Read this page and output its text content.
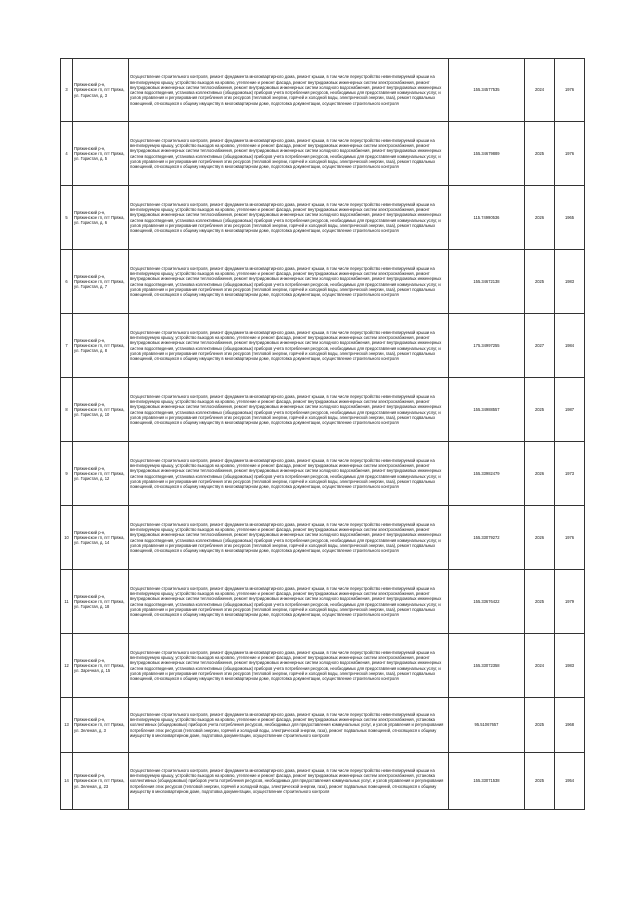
3	Пряжинский р-н, Пряжинское гп, пгт Пряжа, ул. Гористая, д. 3	Осуществление строительного контроля, ремонт фундамента многоквартирного дома, ремонт крыши, в том числе переустройство невентилируемой крыши на вентилируемую крышу, устройство выходов на кровлю, утепление и ремонт фасада, ремонт внутридомовых инженерных систем электроснабжения, ремонт внутридомовых инженерных систем теплоснабжения, ремонт внутридомовых инженерных систем холодного водоснабжения, ремонт внутридомовых инженерных систем водоотведения, установка коллективных (общедомовых) приборов учета потребления ресурсов, необходимых для предоставления коммунальных услуг, и узлов управления и регулирования потребления этих ресурсов (тепловой энергии, горячей и холодной воды, электрической энергии, газа), ремонт подвальных помещений, относящихся к общему имуществу в многоквартирном доме, подготовка документации, осуществление строительного контроля	155.34577535	2024	1976
4	Пряжинский р-н, Пряжинское гп, пгт Пряжа, ул. Гористая, д. 5	Осуществление строительного контроля, ремонт фундамента многоквартирного дома, ремонт крыши, в том числе переустройство невентилируемой крыши на вентилируемую крышу, устройство выходов на кровлю, утепление и ремонт фасада, ремонт внутридомовых инженерных систем электроснабжения, ремонт внутридомовых инженерных систем теплоснабжения, ремонт внутридомовых инженерных систем холодного водоснабжения, ремонт внутридомовых инженерных систем водоотведения, установка коллективных (общедомовых) приборов учета потребления ресурсов, необходимых для предоставления коммунальных услуг, и узлов управления и регулирования потребления этих ресурсов (тепловой энергии, горячей и холодной воды, электрической энергии, газа), ремонт подвальных помещений, относящихся к общему имуществу в многоквартирном доме, подготовка документации, осуществление строительного контроля	155.34679889	2025	1976
5	Пряжинский р-н, Пряжинское гп, пгт Пряжа, ул. Гористая, д. 6	Осуществление строительного контроля, ремонт фундамента многоквартирного дома, ремонт крыши, в том числе переустройство невентилируемой крыши на вентилируемую крышу, устройство выходов на кровлю, утепление и ремонт фасада, ремонт внутридомовых инженерных систем электроснабжения, ремонт внутридомовых инженерных систем теплоснабжения, ремонт внутридомовых инженерных систем холодного водоснабжения, ремонт внутридомовых инженерных систем водоотведения, установка коллективных (общедомовых) приборов учета потребления ресурсов, необходимых для предоставления коммунальных услуг, и узлов управления и регулирования потребления этих ресурсов (тепловой энергии, горячей и холодной воды, электрической энергии, газа), ремонт подвальных помещений, относящихся к общему имуществу в многоквартирном доме, подготовка документации, осуществление строительного контроля	115.74990536	2026	1965
6	Пряжинский р-н, Пряжинское гп, пгт Пряжа, ул. Гористая, д. 7	Осуществление строительного контроля, ремонт фундамента многоквартирного дома, ремонт крыши, в том числе переустройство невентилируемой крыши на вентилируемую крышу, устройство выходов на кровлю, утепление и ремонт фасада, ремонт внутридомовых инженерных систем электроснабжения, ремонт внутридомовых инженерных систем теплоснабжения, ремонт внутридомовых инженерных систем холодного водоснабжения, ремонт внутридомовых инженерных систем водоотведения, установка коллективных (общедомовых) приборов учета потребления ресурсов, необходимых для предоставления коммунальных услуг, и узлов управления и регулирования потребления этих ресурсов (тепловой энергии, горячей и холодной воды, электрической энергии, газа), ремонт подвальных помещений, относящихся к общему имуществу в многоквартирном доме, подготовка документации, осуществление строительного контроля	155.34672138	2025	1983
7	Пряжинский р-н, Пряжинское гп, пгт Пряжа, ул. Гористая, д. 8	Осуществление строительного контроля, ремонт фундамента многоквартирного дома, ремонт крыши, в том числе переустройство невентилируемой крыши на вентилируемую крышу, устройство выходов на кровлю, утепление и ремонт фасада, ремонт внутридомовых инженерных систем электроснабжения, ремонт внутридомовых инженерных систем теплоснабжения, ремонт внутридомовых инженерных систем холодного водоснабжения, ремонт внутридомовых инженерных систем водоотведения, установка коллективных (общедомовых) приборов учета потребления ресурсов, необходимых для предоставления коммунальных услуг, и узлов управления и регулирования потребления этих ресурсов (тепловой энергии, горячей и холодной воды, электрической энергии, газа), ремонт подвальных помещений, относящихся к общему имуществу в многоквартирном доме, подготовка документации, осуществление строительного контроля	175.34997255	2027	1984
8	Пряжинский р-н, Пряжинское гп, пгт Пряжа, ул. Гористая, д. 10	Осуществление строительного контроля, ремонт фундамента многоквартирного дома, ремонт крыши, в том числе переустройство невентилируемой крыши на вентилируемую крышу, устройство выходов на кровлю, утепление и ремонт фасада, ремонт внутридомовых инженерных систем электроснабжения, ремонт внутридомовых инженерных систем теплоснабжения, ремонт внутридомовых инженерных систем холодного водоснабжения, ремонт внутридомовых инженерных систем водоотведения, установка коллективных (общедомовых) приборов учета потребления ресурсов, необходимых для предоставления коммунальных услуг, и узлов управления и регулирования потребления этих ресурсов (тепловой энергии, горячей и холодной воды, электрической энергии, газа), ремонт подвальных помещений, относящихся к общему имуществу в многоквартирном доме, подготовка документации, осуществление строительного контроля	155.34988557	2025	1987
9	Пряжинский р-н, Пряжинское гп, пгт Пряжа, ул. Гористая, д. 12	Осуществление строительного контроля, ремонт фундамента многоквартирного дома, ремонт крыши, в том числе переустройство невентилируемой крыши на вентилируемую крышу, устройство выходов на кровлю, утепление и ремонт фасада, ремонт внутридомовых инженерных систем электроснабжения, ремонт внутридомовых инженерных систем теплоснабжения, ремонт внутридомовых инженерных систем холодного водоснабжения, ремонт внутридомовых инженерных систем водоотведения, установка коллективных (общедомовых) приборов учета потребления ресурсов, необходимых для предоставления коммунальных услуг, и узлов управления и регулирования потребления этих ресурсов (тепловой энергии, горячей и холодной воды, электрической энергии, газа), ремонт подвальных помещений, относящихся к общему имуществу в многоквартирном доме, подготовка документации, осуществление строительного контроля	155.33982479	2026	1973
10	Пряжинский р-н, Пряжинское гп, пгт Пряжа, ул. Гористая, д. 14	Осуществление строительного контроля, ремонт фундамента многоквартирного дома, ремонт крыши, в том числе переустройство невентилируемой крыши на вентилируемую крышу, устройство выходов на кровлю, утепление и ремонт фасада, ремонт внутридомовых инженерных систем электроснабжения, ремонт внутридомовых инженерных систем теплоснабжения, ремонт внутридомовых инженерных систем холодного водоснабжения, ремонт внутридомовых инженерных систем водоотведения, установка коллективных (общедомовых) приборов учета потребления ресурсов, необходимых для предоставления коммунальных услуг, и узлов управления и регулирования потребления этих ресурсов (тепловой энергии, горячей и холодной воды, электрической энергии, газа), ремонт подвальных помещений, относящихся к общему имуществу в многоквартирном доме, подготовка документации, осуществление строительного контроля	155.33079272	2026	1976
11	Пряжинский р-н, Пряжинское гп, пгт Пряжа, ул. Гористая, д. 18	Осуществление строительного контроля, ремонт фундамента многоквартирного дома, ремонт крыши, в том числе переустройство невентилируемой крыши на вентилируемую крышу, устройство выходов на кровлю, утепление и ремонт фасада, ремонт внутридомовых инженерных систем электроснабжения, ремонт внутридомовых инженерных систем теплоснабжения, ремонт внутридомовых инженерных систем холодного водоснабжения, ремонт внутридомовых инженерных систем водоотведения, установка коллективных (общедомовых) приборов учета потребления ресурсов, необходимых для предоставления коммунальных услуг, и узлов управления и регулирования потребления этих ресурсов (тепловой энергии, горячей и холодной воды, электрической энергии, газа), ремонт подвальных помещений, относящихся к общему имуществу в многоквартирном доме, подготовка документации, осуществление строительного контроля	155.33676422	2025	1979
12	Пряжинский р-н, Пряжинское гп, пгт Пряжа, ул. Заречная, д. 15	Осуществление строительного контроля, ремонт фундамента многоквартирного дома, ремонт крыши, в том числе переустройство невентилируемой крыши на вентилируемую крышу, устройство выходов на кровлю, утепление и ремонт фасада, ремонт внутридомовых инженерных систем электроснабжения, ремонт внутридомовых инженерных систем теплоснабжения, ремонт внутридомовых инженерных систем холодного водоснабжения, ремонт внутридомовых инженерных систем водоотведения, установка коллективных (общедомовых) приборов учета потребления ресурсов, необходимых для предоставления коммунальных услуг, и узлов управления и регулирования потребления этих ресурсов (тепловой энергии, горячей и холодной воды, электрической энергии, газа), ремонт подвальных помещений, относящихся к общему имуществу в многоквартирном доме, подготовка документации, осуществление строительного контроля	155.33072358	2024	1983
13	Пряжинский р-н, Пряжинское гп, пгт Пряжа, ул. Зеленая, д. 3	Осуществление строительного контроля, ремонт фундамента многоквартирного дома, ремонт крыши, в том числе переустройство невентилируемой крыши на вентилируемую крышу, устройство выходов на кровлю, утепление и ремонт фасада, ремонт внутридомовых инженерных систем электроснабжения, установка коллективных (общедомовых) приборов учета потребления ресурсов, необходимых для предоставления коммунальных услуг, и узлов управления и регулирования потребления этих ресурсов (тепловой энергии, горячей и холодной воды, электрической энергии, газа), ремонт подвальных помещений, относящихся к общему имуществу в многоквартирном доме, подготовка документации, осуществление строительного контроля	95.51067657	2025	1968
14	Пряжинский р-н, Пряжинское гп, пгт Пряжа, ул. Зеленая, д. 23	Осуществление строительного контроля, ремонт фундамента многоквартирного дома, ремонт крыши, в том числе переустройство невентилируемой крыши на вентилируемую крышу, устройство выходов на кровлю, утепление и ремонт фасада, ремонт внутридомовых инженерных систем электроснабжения, установка коллективных (общедомовых) приборов учета потребления ресурсов, необходимых для предоставления коммунальных услуг, и узлов управления и регулирования потребления этих ресурсов (тепловой энергии, горячей и холодной воды, электрической энергии, газа), ремонт подвальных помещений, относящихся к общему имуществу в многоквартирном доме, подготовка документации, осуществление строительного контроля	155.33071538	2025	1954
